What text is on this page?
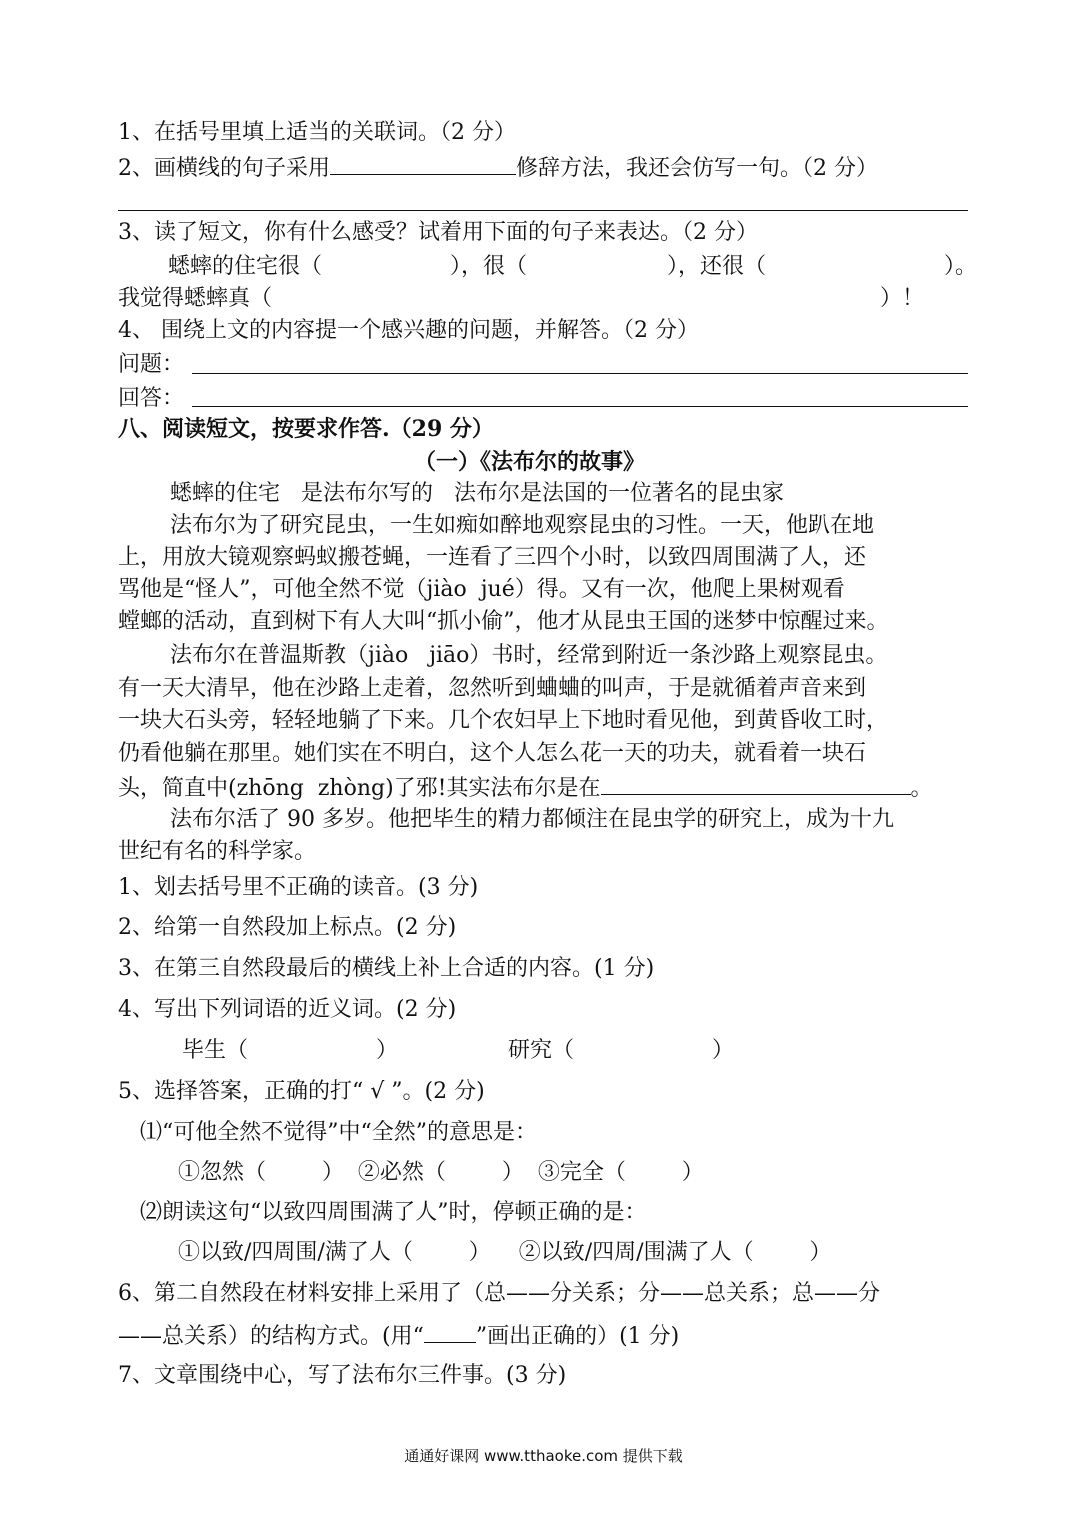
1、在括号里填上适当的关联词。（2 分）
2、画横线的句子采用	修辞方法，我还会仿写一句。（2 分）
3、读了短文，你有什么感受？试着用下面的句子来表达。（2 分）
蟋蟀的住宅很（	），很（	），还很（	）。
我觉得蟋蟀真（	）！
4、 围绕上文的内容提一个感兴趣的问题，并解答。（2 分）
问题：
回答：
八、阅读短文，按要求作答.（29 分）
（一）《法布尔的故事》
蟋蟀的住宅   是法布尔写的   法布尔是法国的一位著名的昆虫家
法布尔为了研究昆虫，一生如痴如醉地观察昆虫的习性。一天，他趴在地
上，用放大镜观察蚂蚁搬苍蝇，一连看了三四个小时，以致四周围满了人，还
骂他是“怪人”，可他全然不觉（jiào  jué）得。又有一次，他爬上果树观看
螳螂的活动，直到树下有人大叫“抓小偷”，他才从昆虫王国的迷梦中惊醒过来。
法布尔在普温斯教（jiào   jiāo）书时，经常到附近一条沙路上观察昆虫。
有一天大清早，他在沙路上走着，忽然听到蛐蛐的叫声，于是就循着声音来到
一块大石头旁，轻轻地躺了下来。几个农妇早上下地时看见他，到黄昏收工时，
仍看他躺在那里。她们实在不明白，这个人怎么花一天的功夫，就看着一块石
头，简直中(zhōng  zhòng)了邪!其实法布尔是在	。
法布尔活了 90 多岁。他把毕生的精力都倾注在昆虫学的研究上，成为十九
世纪有名的科学家。
1、划去括号里不正确的读音。(3 分)
2、给第一自然段加上标点。(2 分)
3、在第三自然段最后的横线上补上合适的内容。(1 分)
4、写出下列词语的近义词。(2 分)
毕生（	）	研究（	）
5、选择答案，正确的打“ √ ”。(2 分)
⑴“可他全然不觉得”中“全然”的意思是：
①忽然（        ）  ②必然（        ）  ③完全（        ）
⑵朗读这句“以致四周围满了人”时，停顿正确的是：
①以致/四周围/满了人（        ）    ②以致/四周/围满了人（        ）
6、第二自然段在材料安排上采用了（总——分关系；分——总关系；总——分
——总关系）的结构方式。(用“ ”画出正确的）(1 分)
7、文章围绕中心，写了法布尔三件事。(3 分)
通通好课网 www.tthaoke.com 提供下载
